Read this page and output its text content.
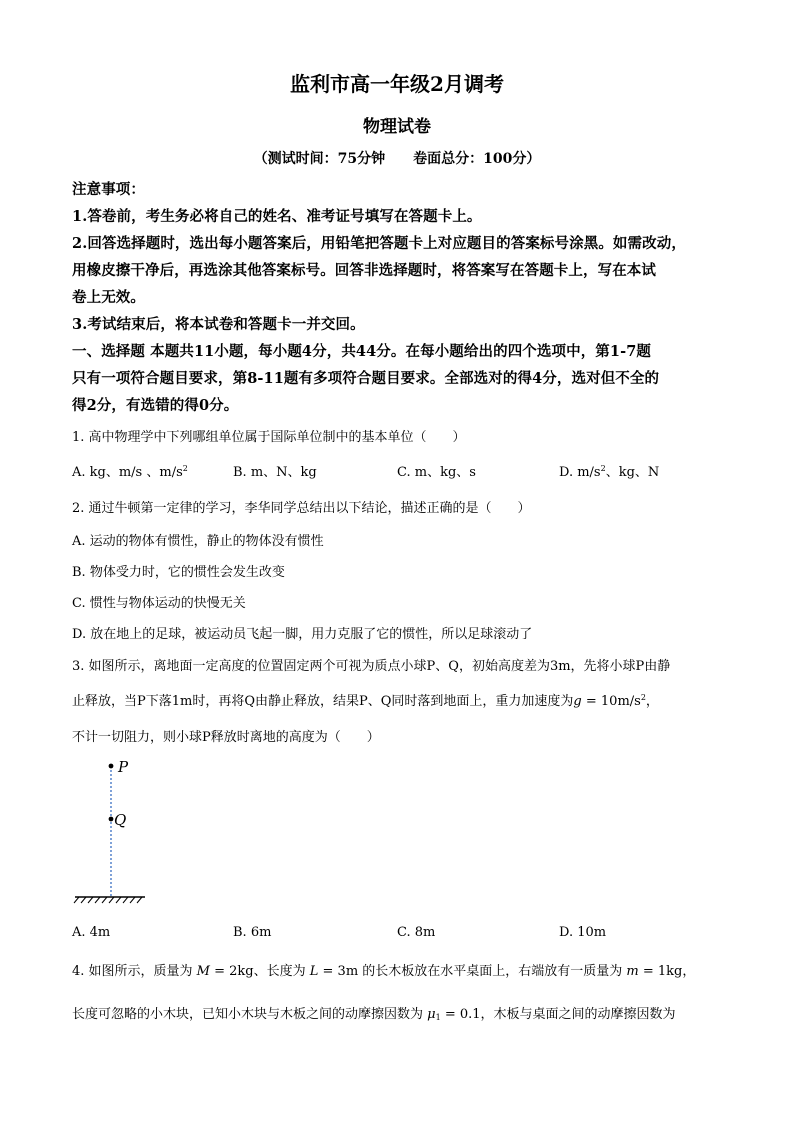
监利市高一年级2月调考
物理试卷
（测试时间：75分钟　　卷面总分：100分）
注意事项：
1.答卷前，考生务必将自己的姓名、准考证号填写在答题卡上。
2.回答选择题时，选出每小题答案后，用铅笔把答题卡上对应题目的答案标号涂黑。如需改动，
用橡皮擦干净后，再选涂其他答案标号。回答非选择题时，将答案写在答题卡上，写在本试
卷上无效。
3.考试结束后，将本试卷和答题卡一并交回。
一、选择题 本题共11小题，每小题4分，共44分。在每小题给出的四个选项中，第1-7题
只有一项符合题目要求，第8-11题有多项符合题目要求。全部选对的得4分，选对但不全的
得2分，有选错的得0分。
1. 高中物理学中下列哪组单位属于国际单位制中的基本单位（　　）
A. kg、m/s 、$m/s^2$	B. m、N、kg	C. m、kg、s	D. $m/s^2$、kg、N
2. 通过牛顿第一定律的学习，李华同学总结出以下结论，描述正确的是（　　）
A. 运动的物体有惯性，静止的物体没有惯性
B. 物体受力时，它的惯性会发生改变
C. 惯性与物体运动的快慢无关
D. 放在地上的足球，被运动员飞起一脚，用力克服了它的惯性，所以足球滚动了
3. 如图所示，离地面一定高度的位置固定两个可视为质点小球P、Q，初始高度差为3m，先将小球P由静
止释放，当P下落1m时，再将Q由静止释放，结果P、Q同时落到地面上，重力加速度为$g = 10m/s^2$，
不计一切阻力，则小球P释放时离地的高度为（　　）
P
Q
A. 4m	B. 6m	C. 8m	D. 10m
4. 如图所示，质量为 M = 2kg、长度为 L = 3m 的长木板放在水平桌面上，右端放有一质量为 m = 1kg，
长度可忽略的小木块，已知小木块与木板之间的动摩擦因数为 $\mu_1 = 0.1$，木板与桌面之间的动摩擦因数为
